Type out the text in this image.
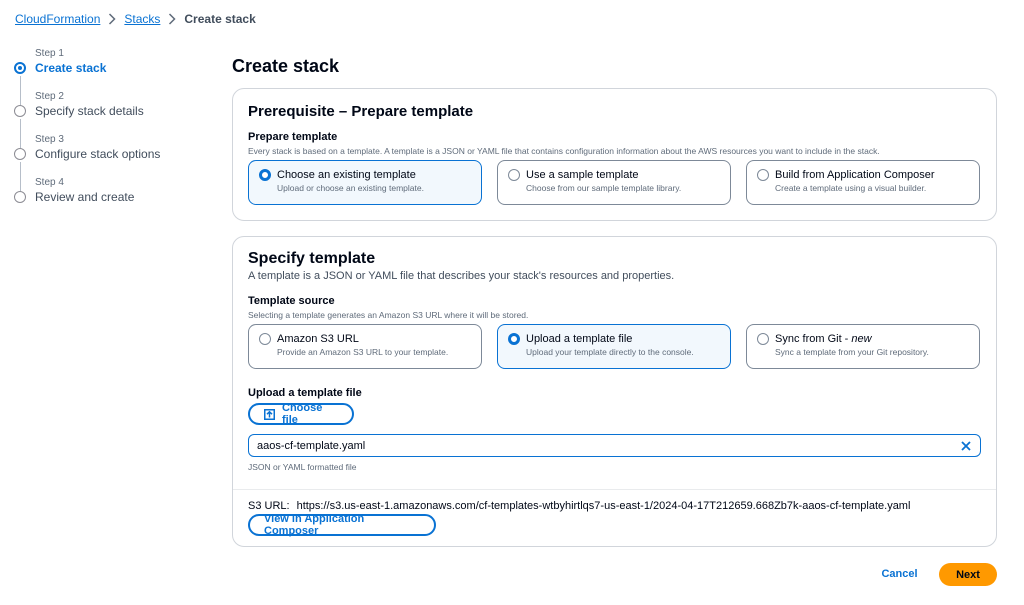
CloudFormation Stacks Create stack
Step 1
Create stack
Step 2
Specify stack details
Step 3
Configure stack options
Step 4
Review and create
Create stack
Prerequisite – Prepare template
Prepare template
Every stack is based on a template. A template is a JSON or YAML file that contains configuration information about the AWS resources you want to include in the stack.
Choose an existing template
Upload or choose an existing template.
Use a sample template
Choose from our sample template library.
Build from Application Composer
Create a template using a visual builder.
Specify template
A template is a JSON or YAML file that describes your stack's resources and properties.
Template source
Selecting a template generates an Amazon S3 URL where it will be stored.
Amazon S3 URL
Provide an Amazon S3 URL to your template.
Upload a template file
Upload your template directly to the console.
Sync from Git - new
Sync a template from your Git repository.
Upload a template file
Choose file
aaos-cf-template.yaml
JSON or YAML formatted file
S3 URL: https://s3.us-east-1.amazonaws.com/cf-templates-wtbyhirtlqs7-us-east-1/2024-04-17T212659.668Zb7k-aaos-cf-template.yaml
View in Application Composer
Cancel	Next
